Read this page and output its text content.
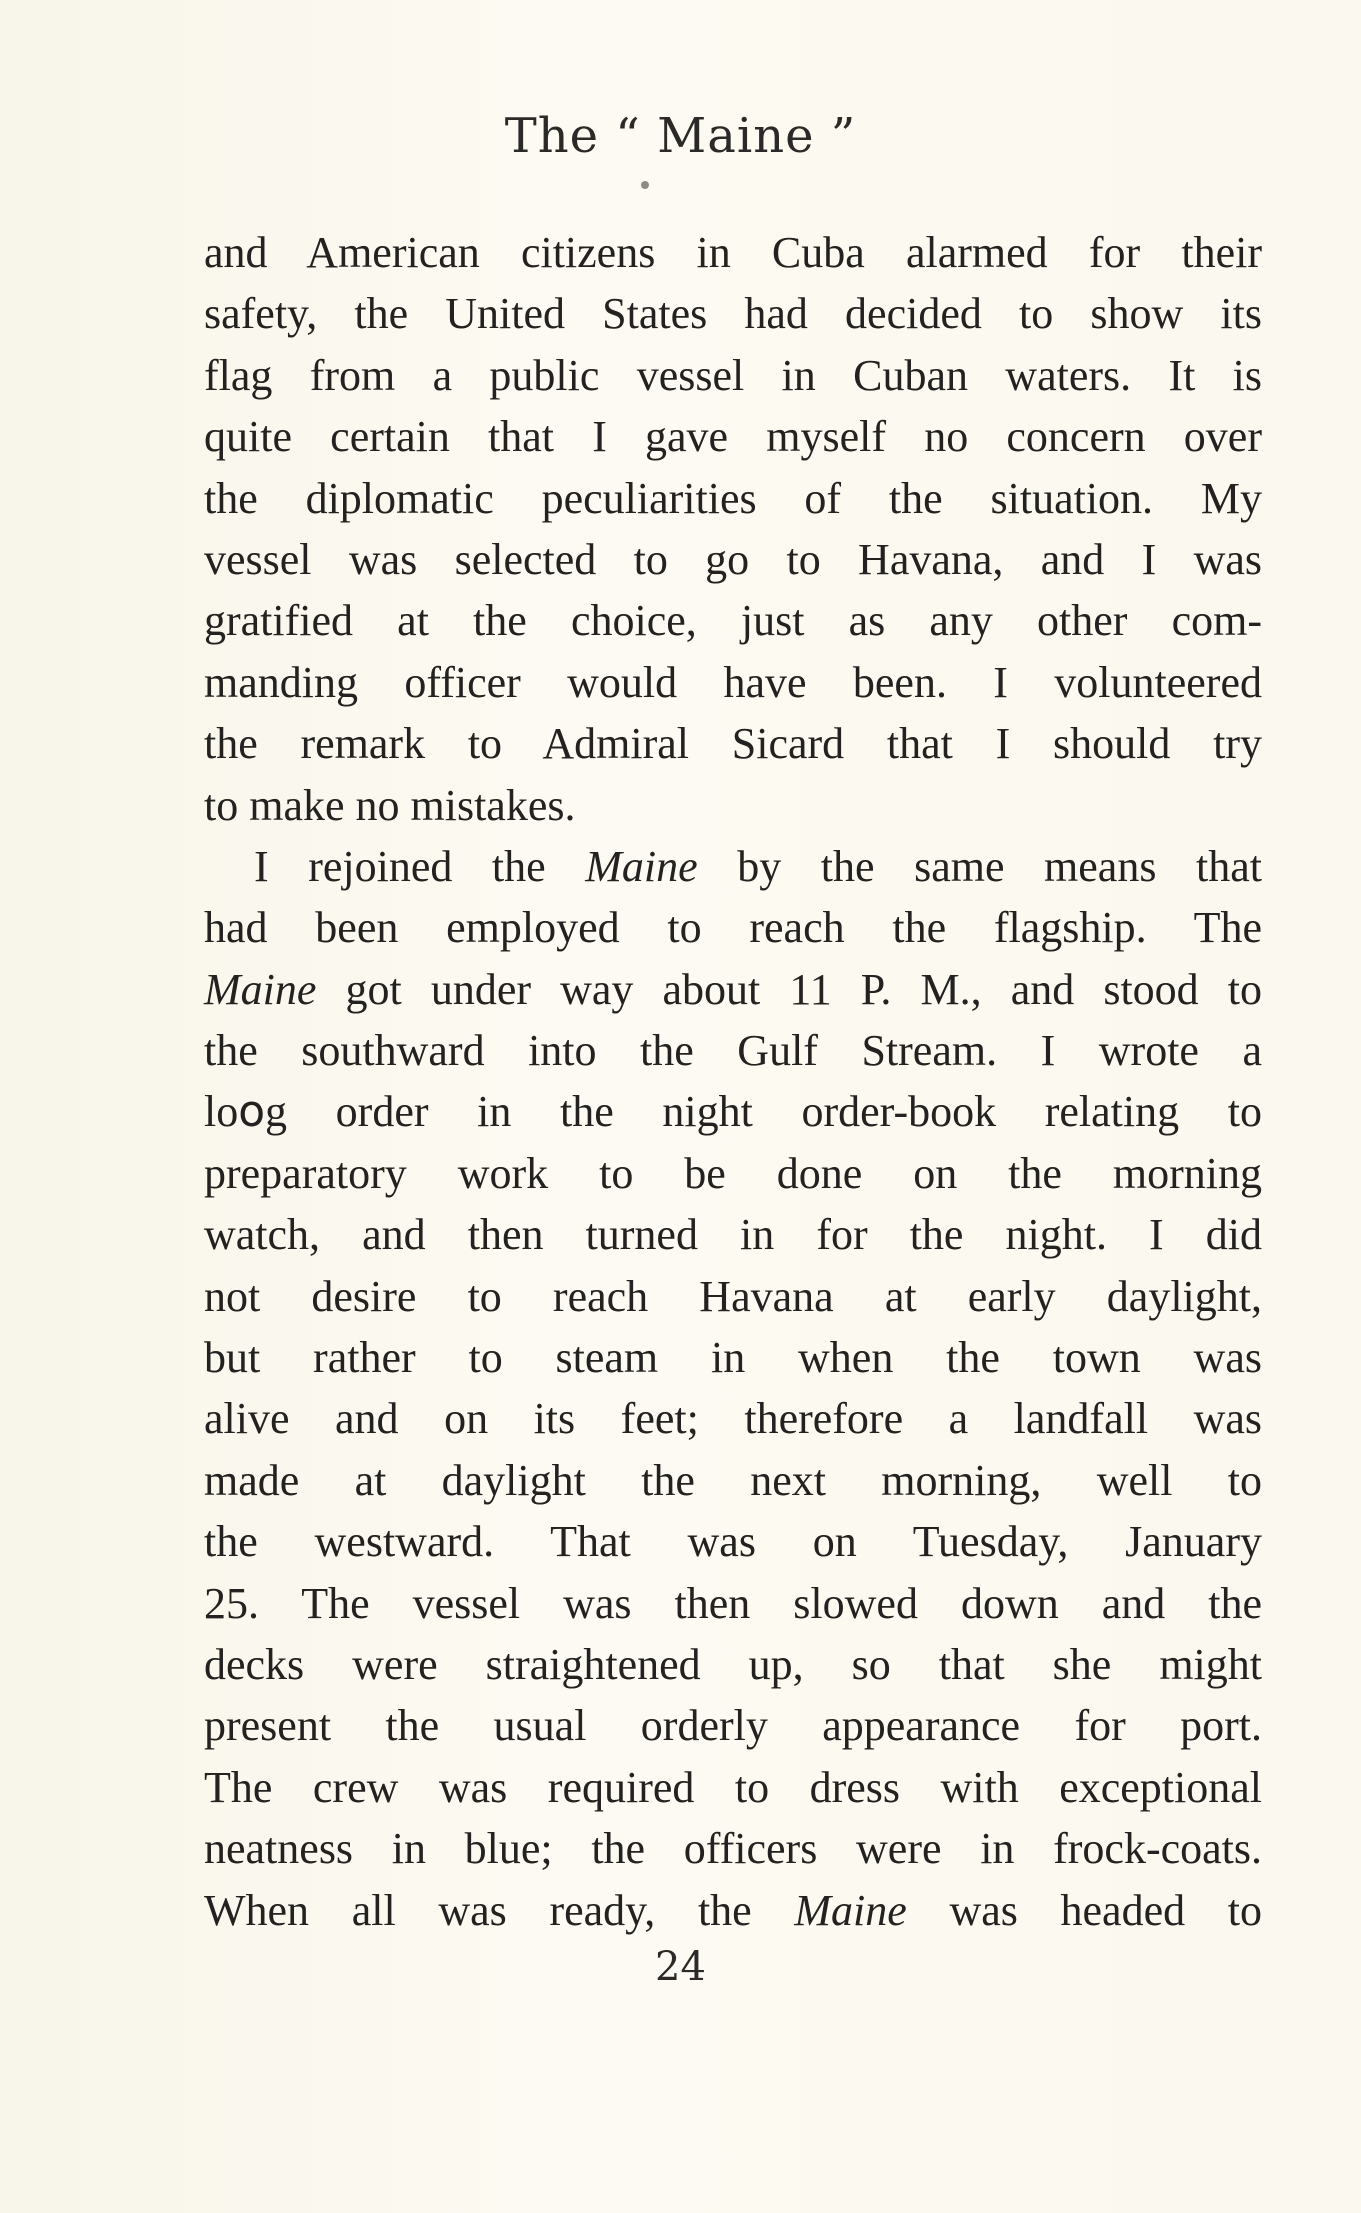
The “ Maine ”
and American citizens in Cuba alarmed for their
safety, the United States had decided to show its
flag from a public vessel in Cuban waters. It is
quite certain that I gave myself no concern over
the diplomatic peculiarities of the situation. My
vessel was selected to go to Havana, and I was
gratified at the choice, just as any other com-
manding officer would have been. I volunteered
the remark to Admiral Sicard that I should try
to make no mistakes.
I rejoined the Maine by the same means that
had been employed to reach the flagship. The
Maine got under way about 11 P. M., and stood to
the southward into the Gulf Stream. I wrote a
loօg order in the night order-book relating to
preparatory work to be done on the morning
watch, and then turned in for the night. I did
not desire to reach Havana at early daylight,
but rather to steam in when the town was
alive and on its feet; therefore a landfall was
made at daylight the next morning, well to
the westward. That was on Tuesday, January
25. The vessel was then slowed down and the
decks were straightened up, so that she might
present the usual orderly appearance for port.
The crew was required to dress with exceptional
neatness in blue; the officers were in frock-coats.
When all was ready, the Maine was headed to
24
